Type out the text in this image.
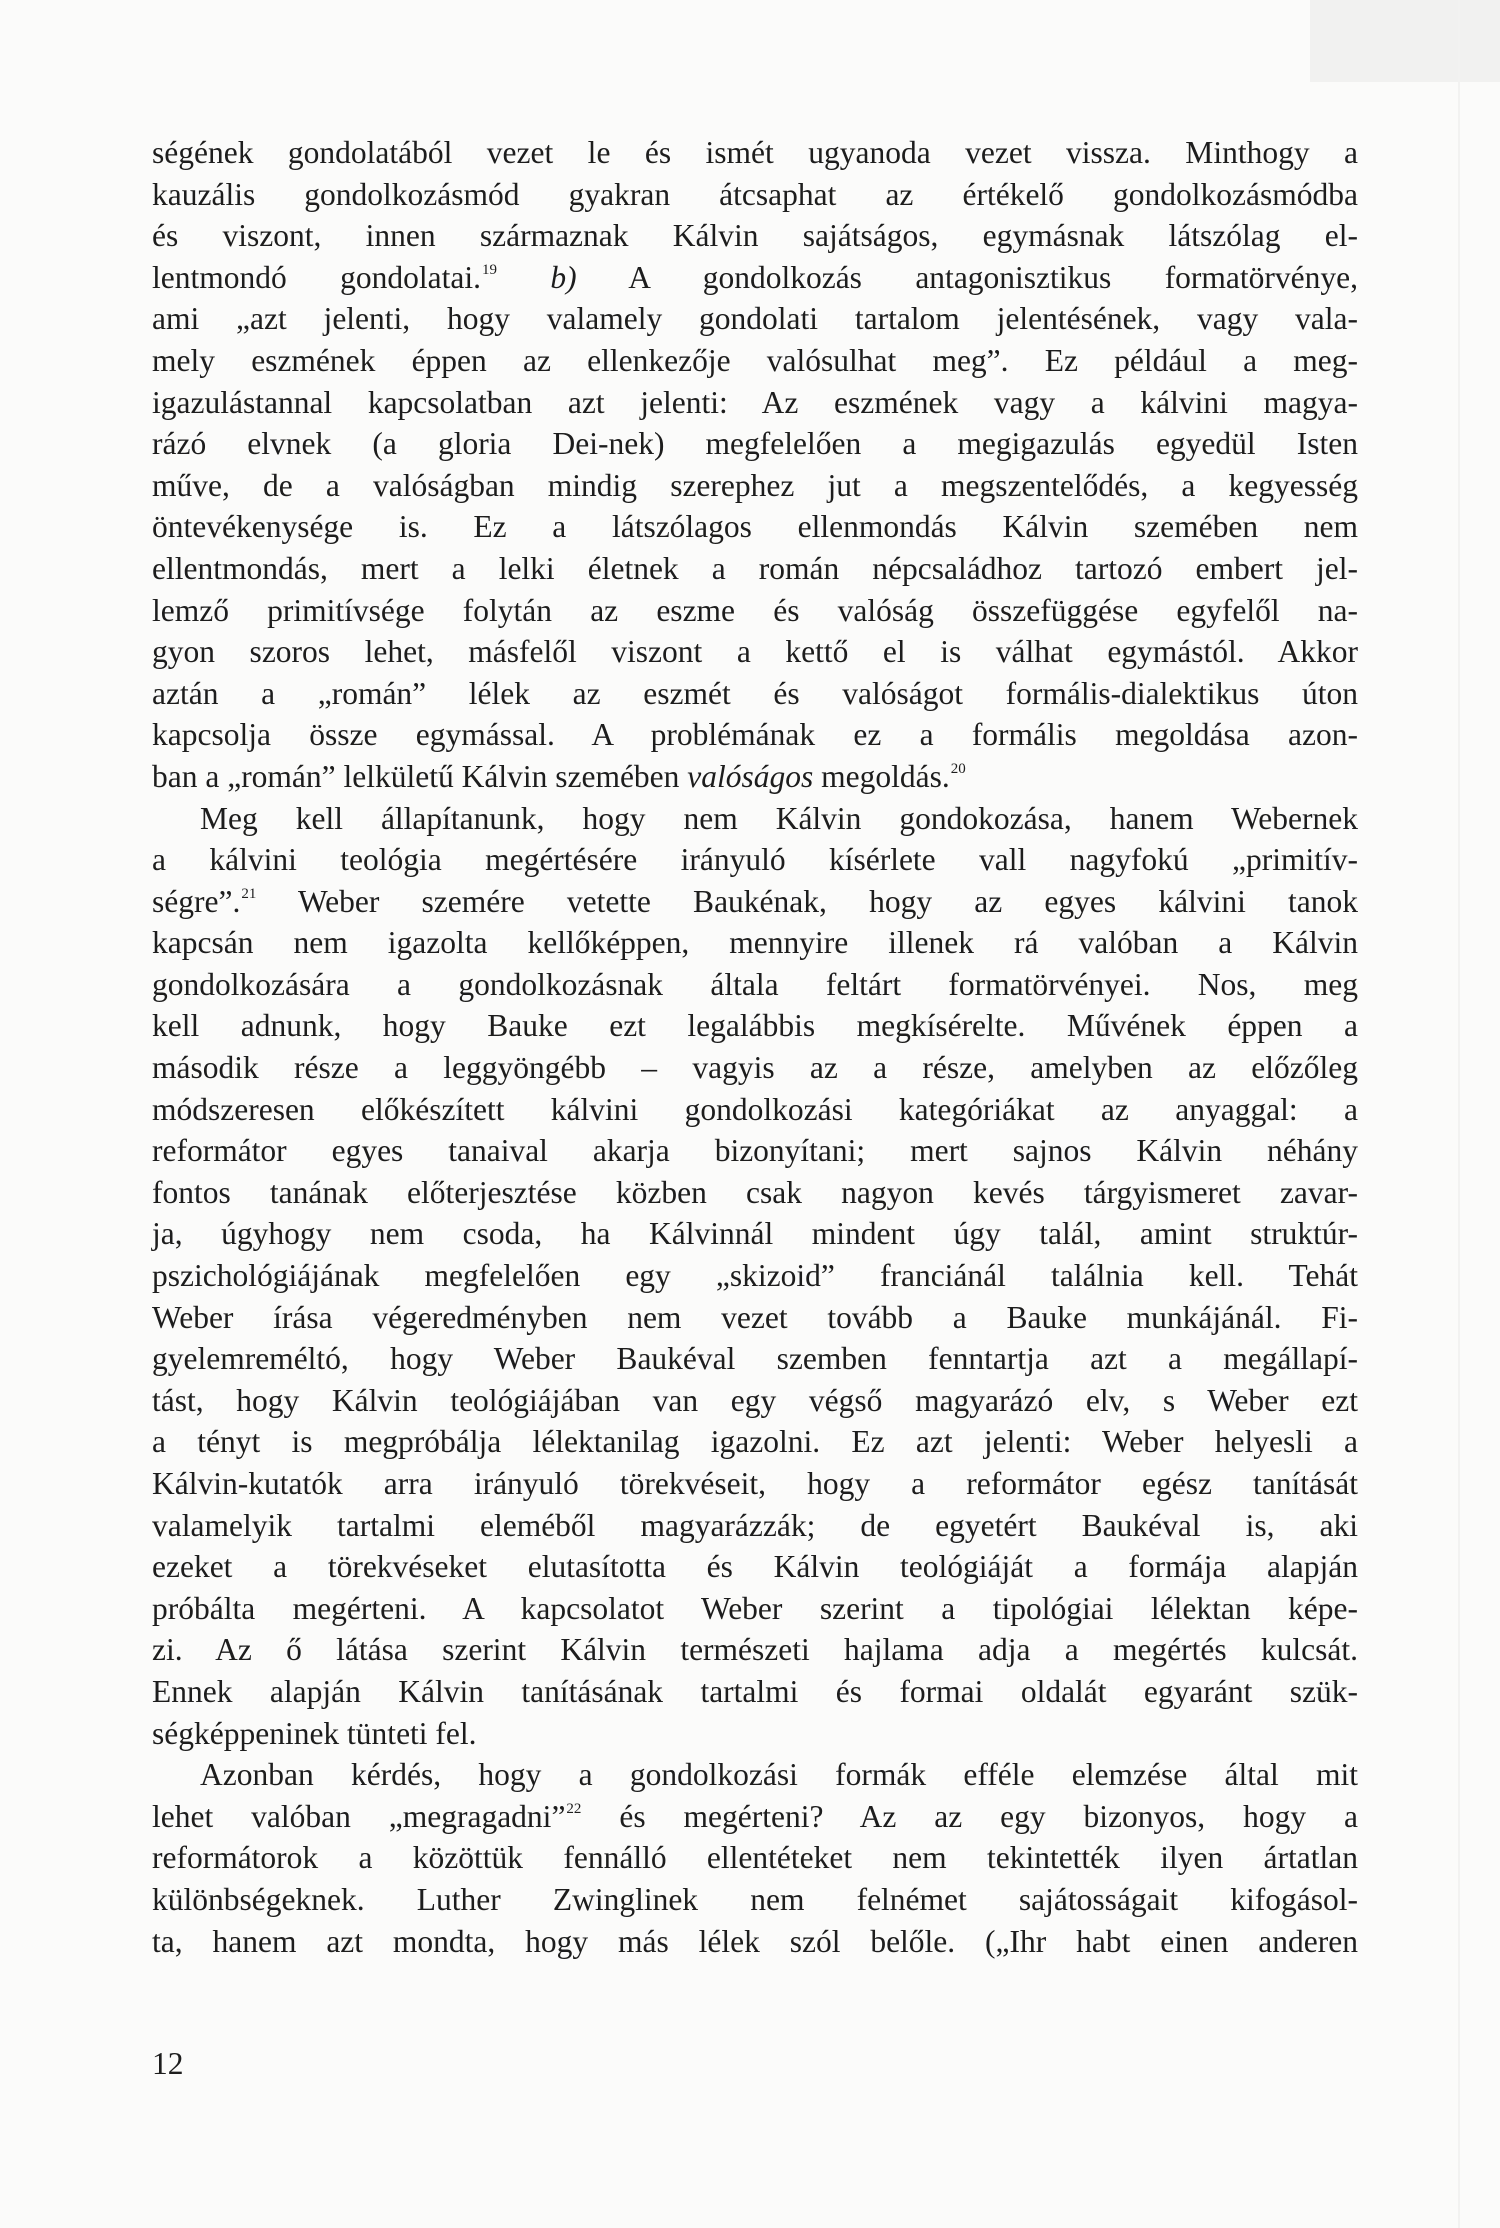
ségének gondolatából vezet le és ismét ugyanoda vezet vissza. Minthogy a
kauzális gondolkozásmód gyakran átcsaphat az értékelő gondolkozásmódba
és viszont, innen származnak Kálvin sajátságos, egymásnak látszólag el-
lentmondó gondolatai.$^{19}$ b) A gondolkozás antagonisztikus formatörvénye,
ami „azt jelenti, hogy valamely gondolati tartalom jelentésének, vagy vala-
mely eszmének éppen az ellenkezője valósulhat meg”. Ez például a meg-
igazulástannal kapcsolatban azt jelenti: Az eszmének vagy a kálvini magya-
rázó elvnek (a gloria Dei-nek) megfelelően a megigazulás egyedül Isten
műve, de a valóságban mindig szerephez jut a megszentelődés, a kegyesség
öntevékenysége is. Ez a látszólagos ellenmondás Kálvin szemében nem
ellentmondás, mert a lelki életnek a román népcsaládhoz tartozó embert jel-
lemző primitívsége folytán az eszme és valóság összefüggése egyfelől na-
gyon szoros lehet, másfelől viszont a kettő el is válhat egymástól. Akkor
aztán a „román” lélek az eszmét és valóságot formális-dialektikus úton
kapcsolja össze egymással. A problémának ez a formális megoldása azon-
ban a „román” lelkületű Kálvin szemében valóságos megoldás.$^{20}$

Meg kell állapítanunk, hogy nem Kálvin gondokozása, hanem Webernek
a kálvini teológia megértésére irányuló kísérlete vall nagyfokú „primitív-
ségre”.$^{21}$ Weber szemére vetette Baukénak, hogy az egyes kálvini tanok
kapcsán nem igazolta kellőképpen, mennyire illenek rá valóban a Kálvin
gondolkozására a gondolkozásnak általa feltárt formatörvényei. Nos, meg
kell adnunk, hogy Bauke ezt legalábbis megkísérelte. Művének éppen a
második része a leggyöngébb – vagyis az a része, amelyben az előzőleg
módszeresen előkészített kálvini gondolkozási kategóriákat az anyaggal: a
reformátor egyes tanaival akarja bizonyítani; mert sajnos Kálvin néhány
fontos tanának előterjesztése közben csak nagyon kevés tárgyismeret zavar-
ja, úgyhogy nem csoda, ha Kálvinnál mindent úgy talál, amint struktúr-
pszichológiájának megfelelően egy „skizoid” franciánál találnia kell. Tehát
Weber írása végeredményben nem vezet tovább a Bauke munkájánál. Fi-
gyelemreméltó, hogy Weber Baukéval szemben fenntartja azt a megállapí-
tást, hogy Kálvin teológiájában van egy végső magyarázó elv, s Weber ezt
a tényt is megpróbálja lélektanilag igazolni. Ez azt jelenti: Weber helyesli a
Kálvin-kutatók arra irányuló törekvéseit, hogy a reformátor egész tanítását
valamelyik tartalmi eleméből magyarázzák; de egyetért Baukéval is, aki
ezeket a törekvéseket elutasította és Kálvin teológiáját a formája alapján
próbálta megérteni. A kapcsolatot Weber szerint a tipológiai lélektan képe-
zi. Az ő látása szerint Kálvin természeti hajlama adja a megértés kulcsát.
Ennek alapján Kálvin tanításának tartalmi és formai oldalát egyaránt szük-
ségképpeninek tünteti fel.

Azonban kérdés, hogy a gondolkozási formák efféle elemzése által mit
lehet valóban „megragadni”$^{22}$ és megérteni? Az az egy bizonyos, hogy a
reformátorok a közöttük fennálló ellentéteket nem tekintették ilyen ártatlan
különbségeknek. Luther Zwinglinek nem felnémet sajátosságait kifogásol-
ta, hanem azt mondta, hogy más lélek szól belőle. („Ihr habt einen anderen

12
